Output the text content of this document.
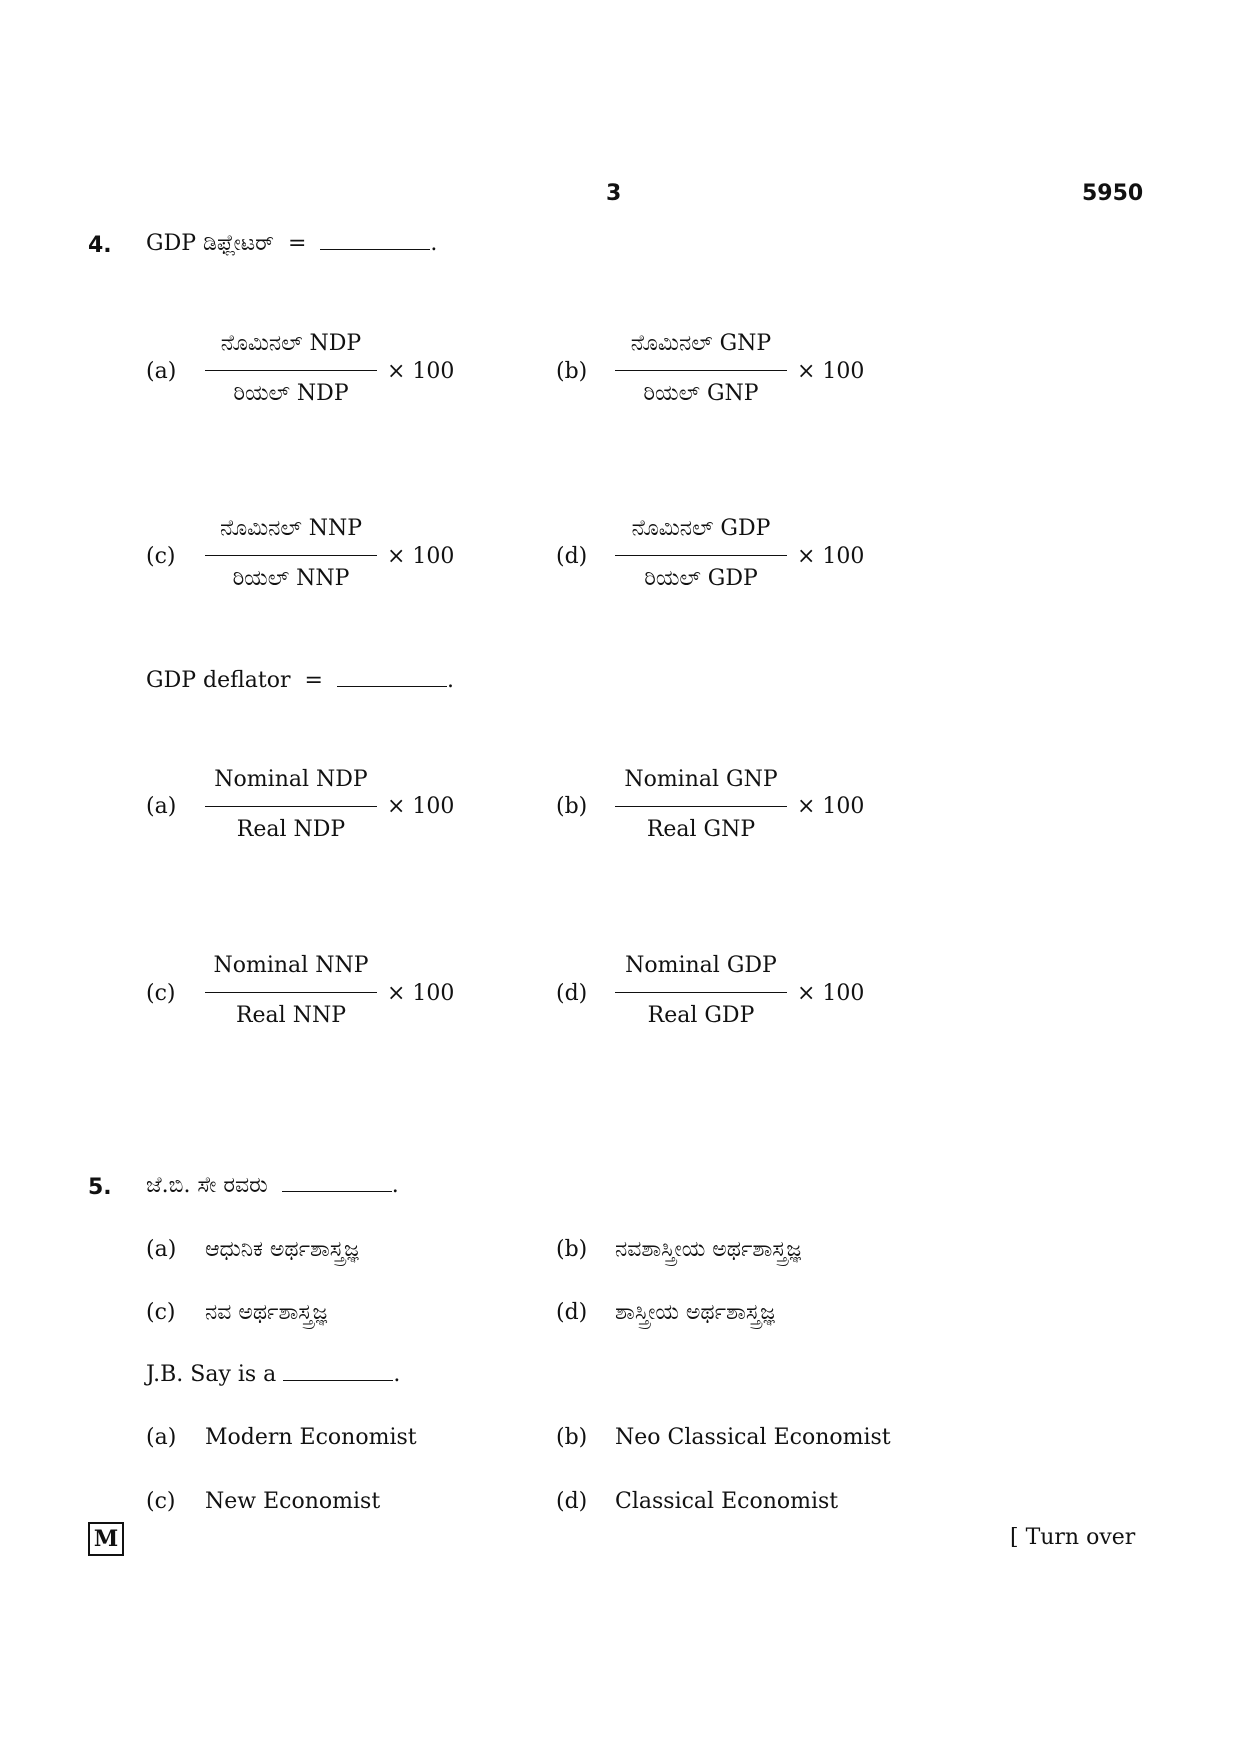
3	5950
4. GDP ಡಿಫ್ಲೇಟರ್ =	.
(a)
ನೊಮಿನಲ್ NDP
ರಿಯಲ್ NDP
× 100	(b)
ನೊಮಿನಲ್ GNP
ರಿಯಲ್ GNP
× 100
(c)
ನೊಮಿನಲ್ NNP
ರಿಯಲ್ NNP
× 100	(d)
ನೊಮಿನಲ್ GDP
ರಿಯಲ್ GDP
× 100
GDP deflator =	.
(a)
Nominal NDP
Real NDP
× 100	(b)
Nominal GNP
Real GNP
× 100
(c)
Nominal NNP
Real NNP
× 100	(d)
Nominal GDP
Real GDP
× 100
5. ಜೆ.ಬಿ. ಸೇ ರವರು	.
(a) ಆಧುನಿಕ ಅರ್ಥಶಾಸ್ತ್ರಜ್ಞ	(b) ನವಶಾಸ್ತ್ರೀಯ ಅರ್ಥಶಾಸ್ತ್ರಜ್ಞ
(c) ನವ ಅರ್ಥಶಾಸ್ತ್ರಜ್ಞ	(d) ಶಾಸ್ತ್ರೀಯ ಅರ್ಥಶಾಸ್ತ್ರಜ್ಞ
J.B. Say is a	.
(a) Modern Economist	(b) Neo Classical Economist
(c) New Economist	(d) Classical Economist
M	[ Turn over
